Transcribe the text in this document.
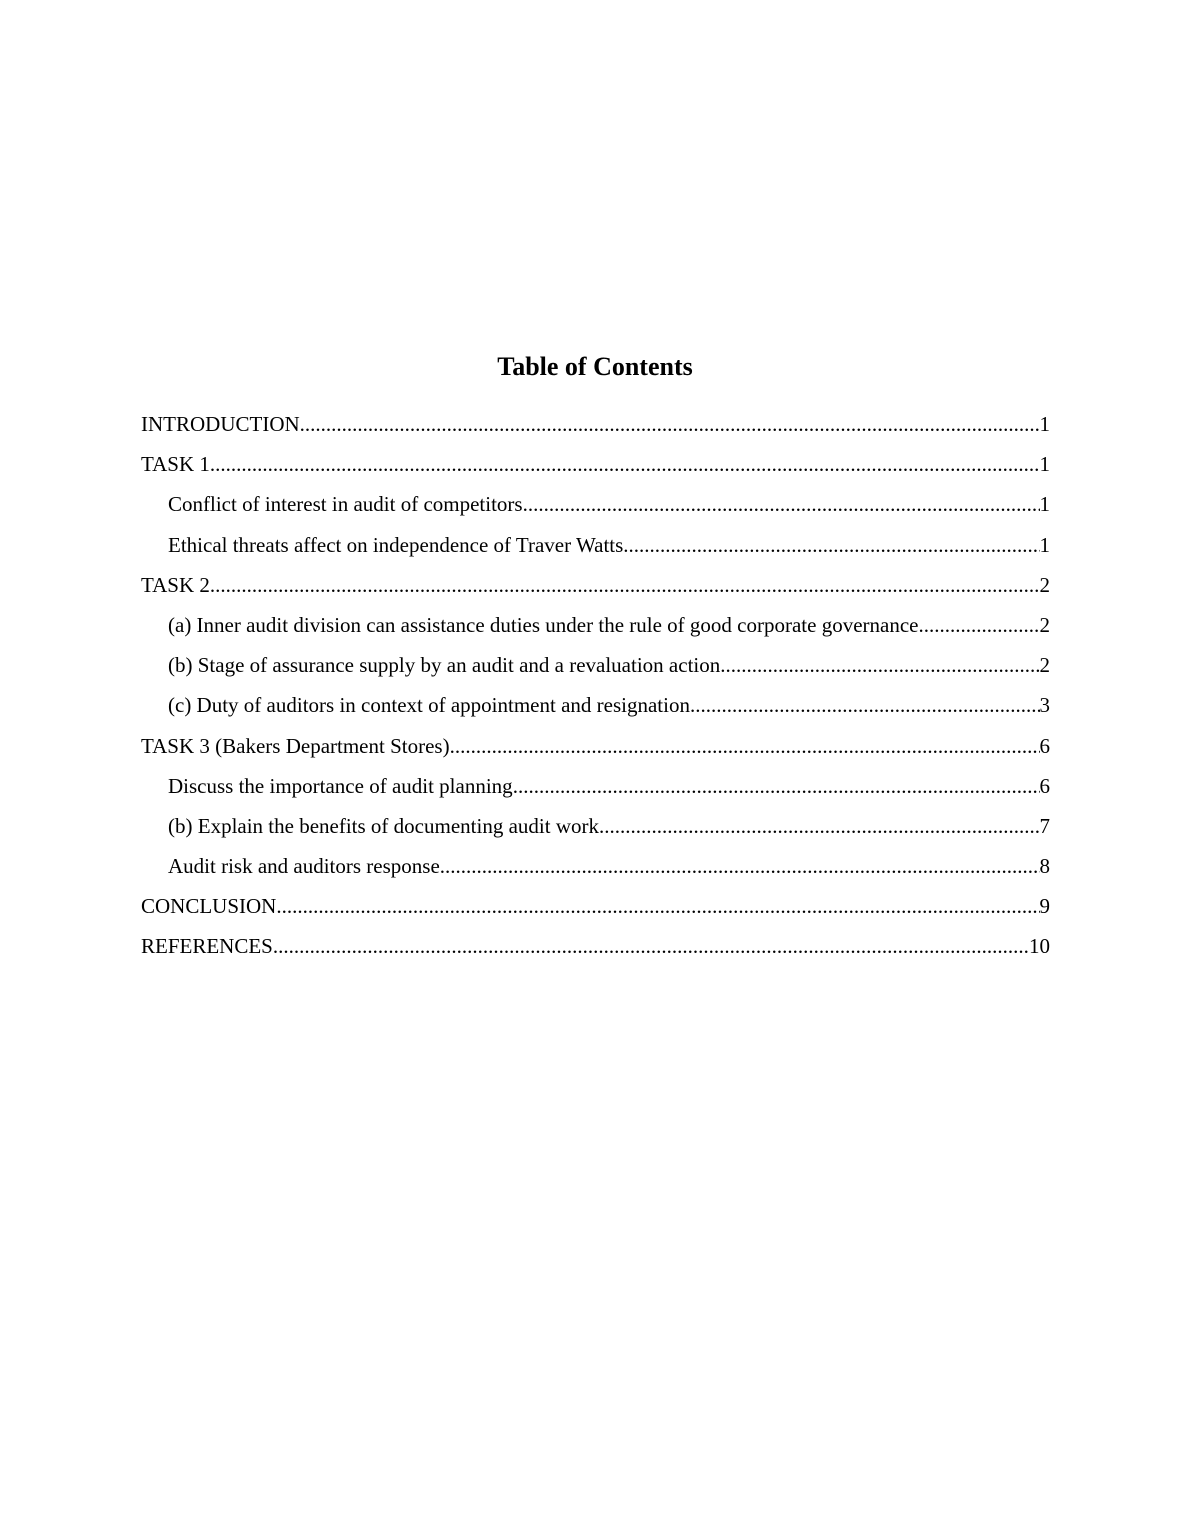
Table of Contents
INTRODUCTION .....	1
TASK 1 .....	1
Conflict of interest in audit of competitors .....	1
Ethical threats affect on independence of Traver Watts .....	1
TASK 2 .....	2
(a) Inner audit division can assistance duties under the rule of good corporate governance .....	2
(b) Stage of assurance supply by an audit and a revaluation action .....	2
(c) Duty of auditors in context of appointment and resignation .....	3
TASK 3 (Bakers Department Stores) .....	6
Discuss the importance of audit planning .....	6
(b) Explain the benefits of documenting audit work .....	7
Audit risk and auditors response .....	8
CONCLUSION .....	9
REFERENCES .....	10
